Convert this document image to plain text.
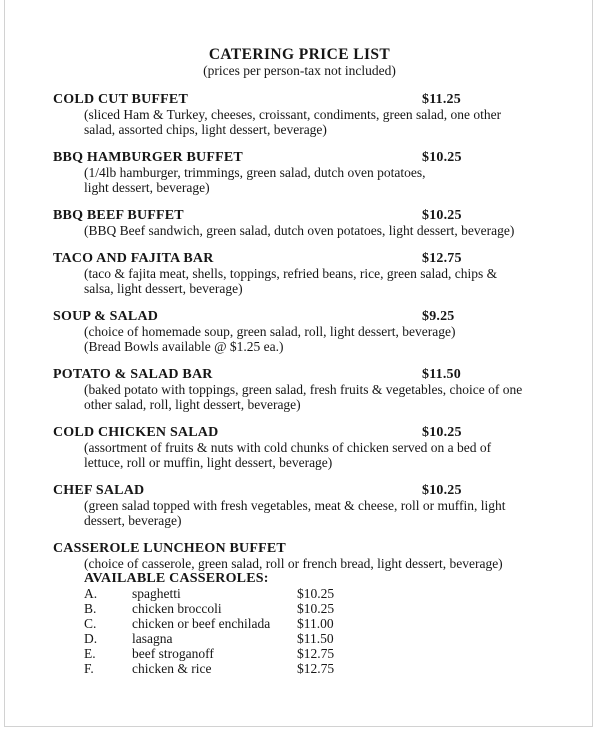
CATERING PRICE LIST
(prices per person-tax not included)
COLD CUT BUFFET	$11.25
(sliced Ham & Turkey, cheeses, croissant, condiments, green salad, one other
salad, assorted chips, light dessert, beverage)
BBQ HAMBURGER BUFFET	$10.25
(1/4lb hamburger, trimmings, green salad, dutch oven potatoes,
light dessert, beverage)
BBQ BEEF BUFFET	$10.25
(BBQ Beef sandwich, green salad, dutch oven potatoes, light dessert, beverage)
TACO AND FAJITA BAR	$12.75
(taco & fajita meat, shells, toppings, refried beans, rice, green salad, chips &
salsa, light dessert, beverage)
SOUP & SALAD	$9.25
(choice of homemade soup, green salad, roll, light dessert, beverage)
(Bread Bowls available @ $1.25 ea.)
POTATO & SALAD BAR	$11.50
(baked potato with toppings, green salad, fresh fruits & vegetables, choice of one
other salad, roll, light dessert, beverage)
COLD CHICKEN SALAD	$10.25
(assortment of fruits & nuts with cold chunks of chicken served on a bed of
lettuce, roll or muffin, light dessert, beverage)
CHEF SALAD	$10.25
(green salad topped with fresh vegetables, meat & cheese, roll or muffin, light
dessert, beverage)
CASSEROLE LUNCHEON BUFFET
(choice of casserole, green salad, roll or french bread, light dessert, beverage)
AVAILABLE CASSEROLES:
A.	spaghetti	$10.25
B.	chicken broccoli	$10.25
C.	chicken or beef enchilada	$11.00
D.	lasagna	$11.50
E.	beef stroganoff	$12.75
F.	chicken & rice	$12.75
